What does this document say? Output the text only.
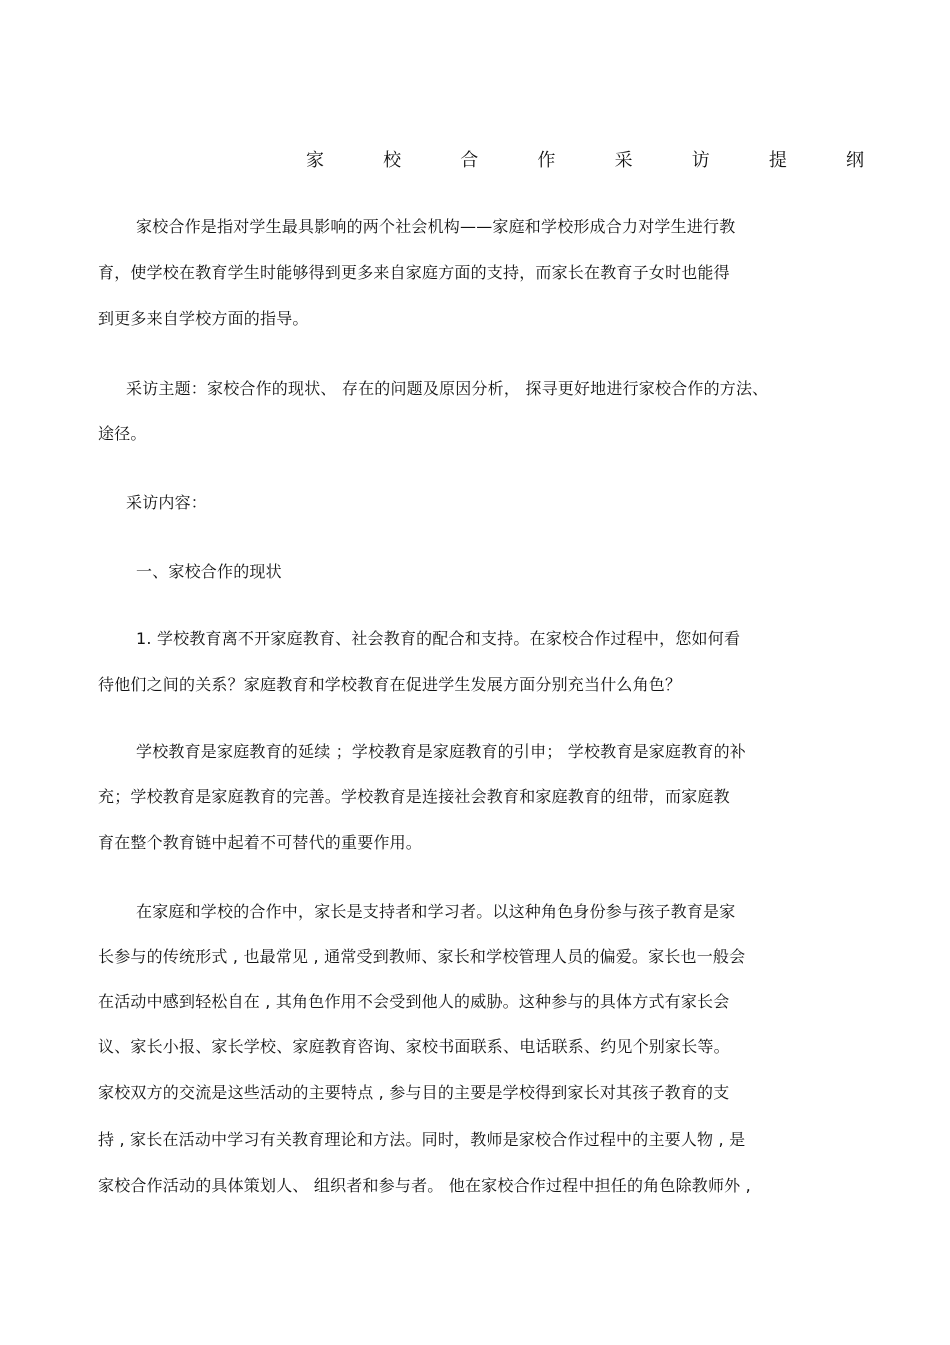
家	校	合	作	采	访	提	纲
家校合作是指对学生最具影响的两个社会机构——家庭和学校形成合力对学生进行教
育，使学校在教育学生时能够得到更多来自家庭方面的支持，而家长在教育子女时也能得
到更多来自学校方面的指导。
采访主题：家校合作的现状、 存在的问题及原因分析， 探寻更好地进行家校合作的方法、
途径。
采访内容：
一、家校合作的现状
1. 学校教育离不开家庭教育、社会教育的配合和支持。在家校合作过程中，您如何看
待他们之间的关系？家庭教育和学校教育在促进学生发展方面分别充当什么角色？
学校教育是家庭教育的延续 ；学校教育是家庭教育的引申； 学校教育是家庭教育的补
充；学校教育是家庭教育的完善。学校教育是连接社会教育和家庭教育的纽带，而家庭教
育在整个教育链中起着不可替代的重要作用。
在家庭和学校的合作中，家长是支持者和学习者。以这种角色身份参与孩子教育是家
长参与的传统形式 , 也最常见 , 通常受到教师、家长和学校管理人员的偏爱。家长也一般会
在活动中感到轻松自在 , 其角色作用不会受到他人的威胁。这种参与的具体方式有家长会
议、家长小报、家长学校、家庭教育咨询、家校书面联系、电话联系、约见个别家长等。
家校双方的交流是这些活动的主要特点 , 参与目的主要是学校得到家长对其孩子教育的支
持 , 家长在活动中学习有关教育理论和方法。同时，教师是家校合作过程中的主要人物 , 是
家校合作活动的具体策划人、 组织者和参与者。 他在家校合作过程中担任的角色除教师外 ,
